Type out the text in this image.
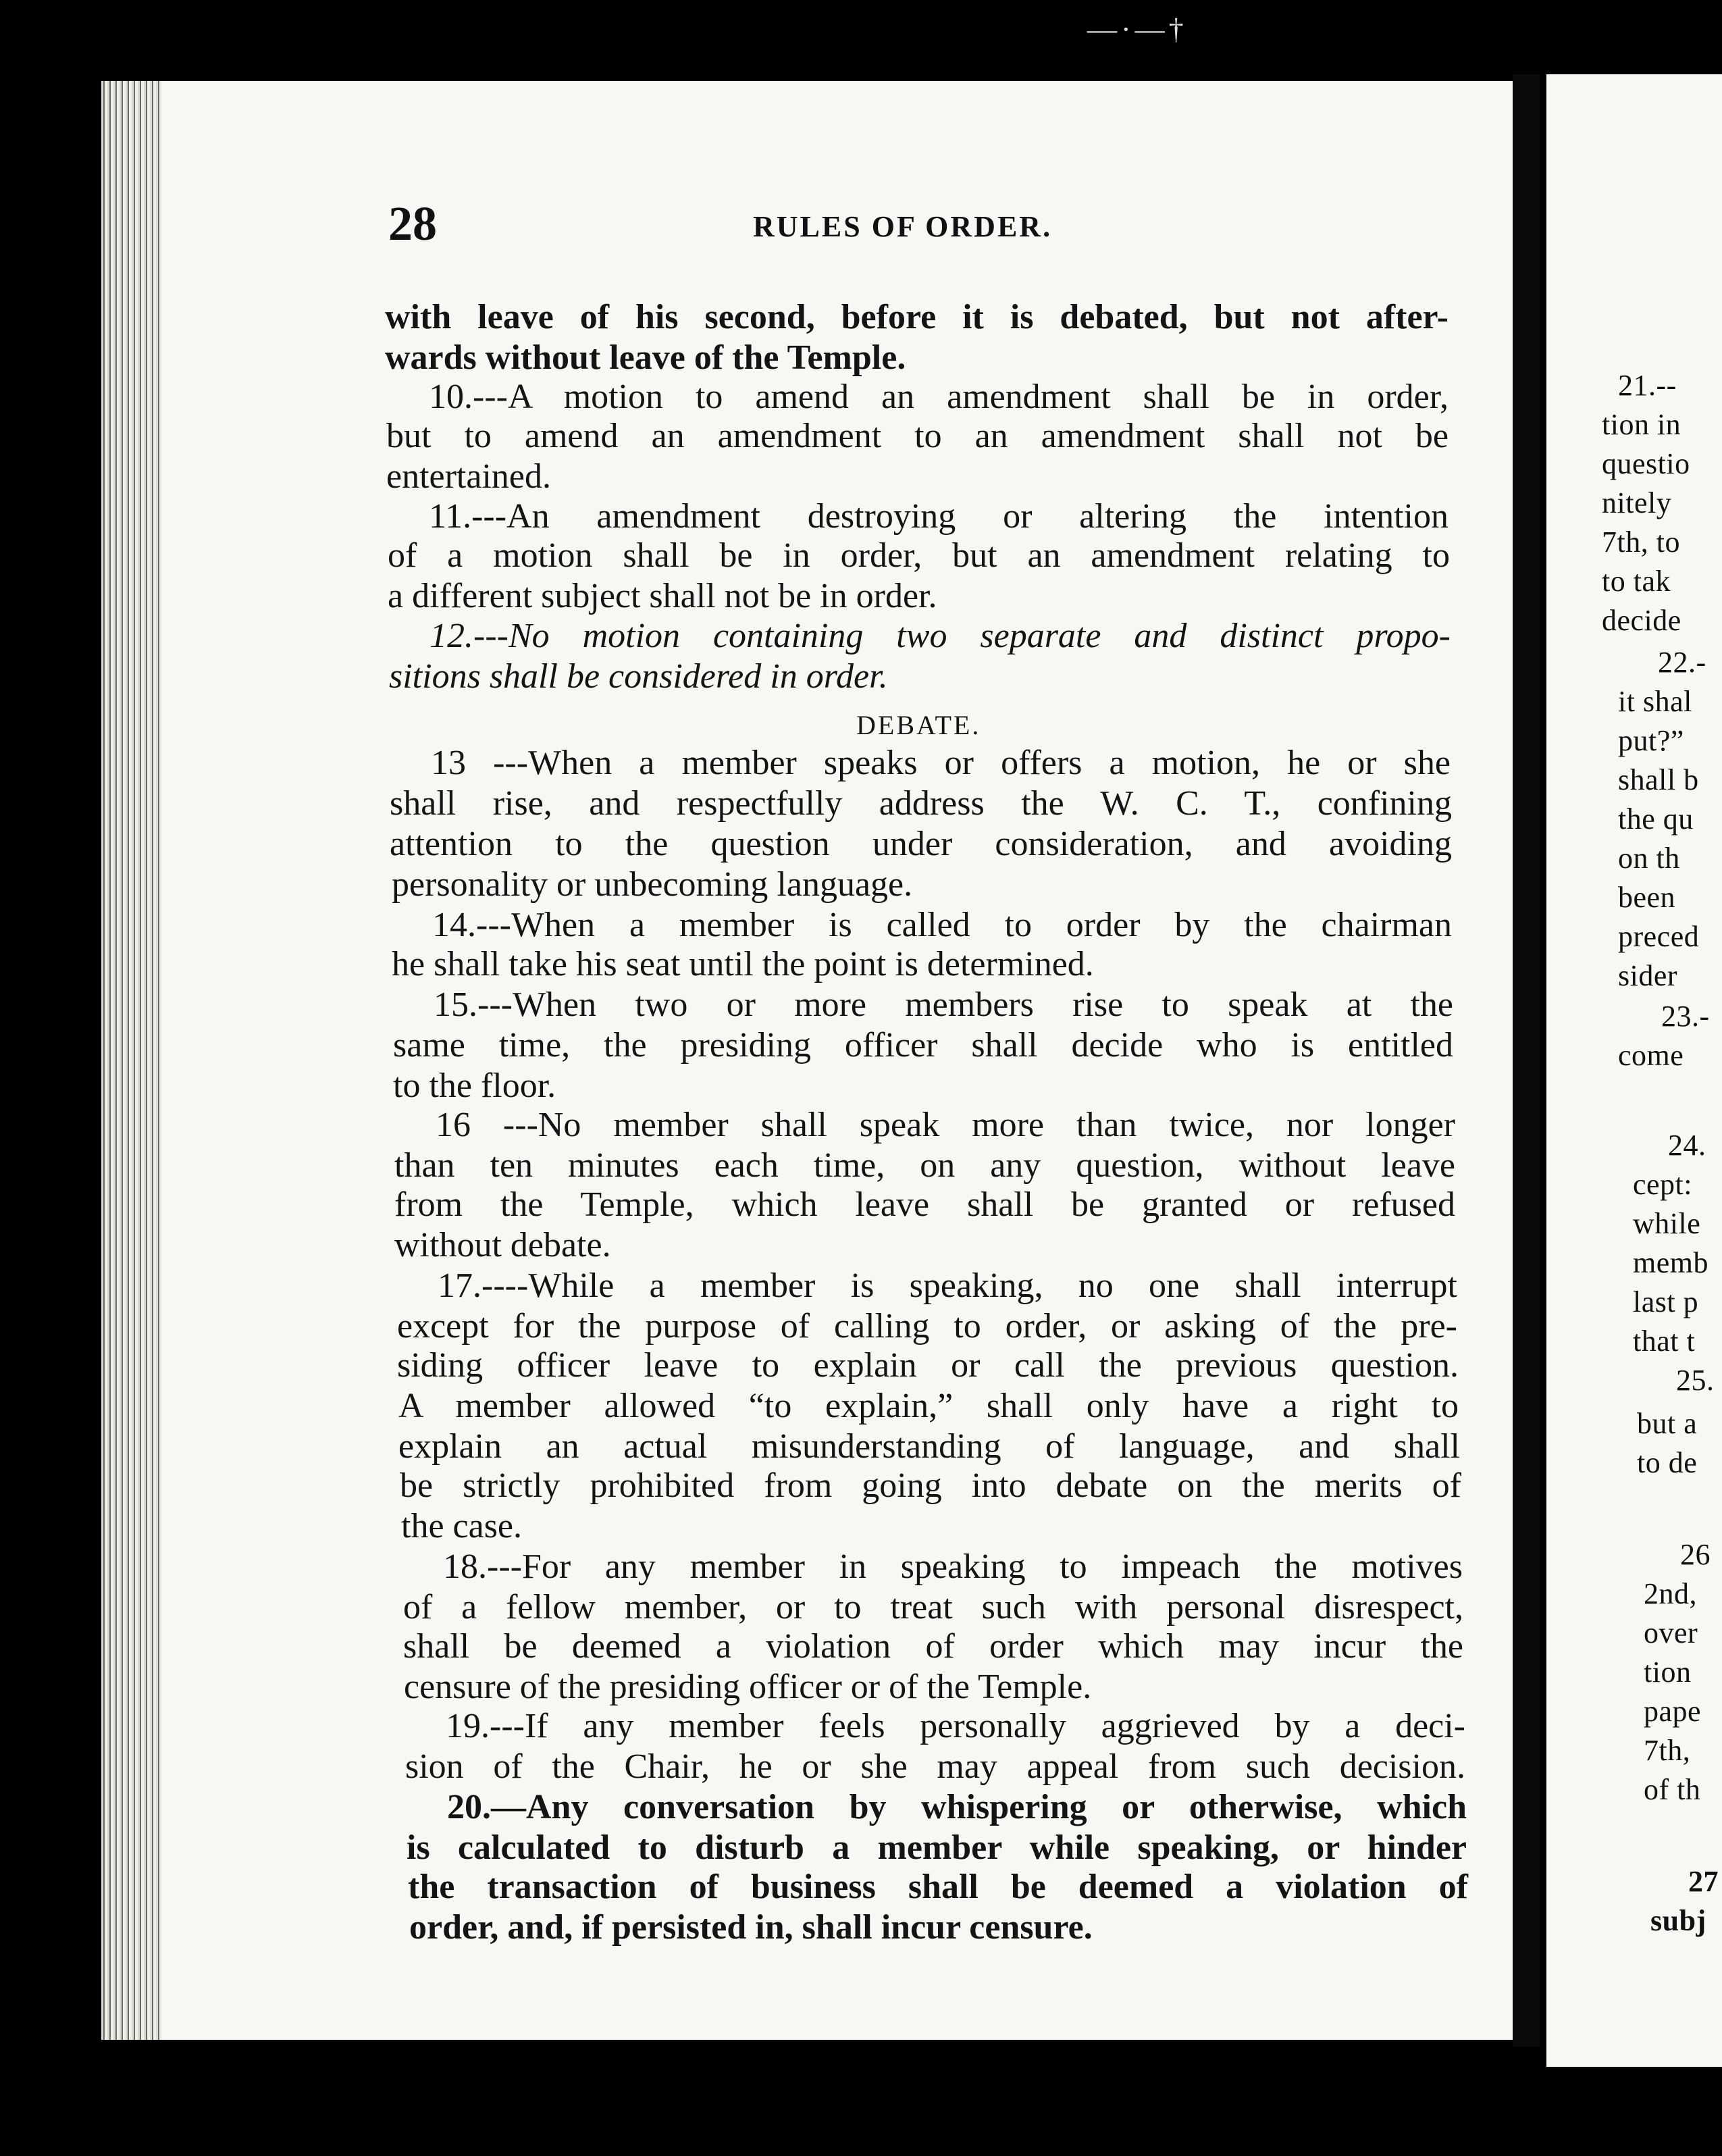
—·—†
28	RULES OF ORDER.
with leave of his second, before it is debated, but not after-
wards without leave of the Temple.
10.---A motion to amend an amendment shall be in order,
but to amend an amendment to an amendment shall not be
entertained.
11.---An amendment destroying or altering the intention
of a motion shall be in order, but an amendment relating to
a different subject shall not be in order.
12.---No motion containing two separate and distinct propo-
sitions shall be considered in order.
DEBATE.
13 ---When a member speaks or offers a motion, he or she
shall rise, and respectfully address the W. C. T., confining
attention to the question under consideration, and avoiding
personality or unbecoming language.
14.---When a member is called to order by the chairman
he shall take his seat until the point is determined.
15.---When two or more members rise to speak at the
same time, the presiding officer shall decide who is entitled
to the floor.
16 ---No member shall speak more than twice, nor longer
than ten minutes each time, on any question, without leave
from the Temple, which leave shall be granted or refused
without debate.
17.----While a member is speaking, no one shall interrupt
except for the purpose of calling to order, or asking of the pre-
siding officer leave to explain or call the previous question.
A member allowed “to explain,” shall only have a right to
explain an actual misunderstanding of language, and shall
be strictly prohibited from going into debate on the merits of
the case.
18.---For any member in speaking to impeach the motives
of a fellow member, or to treat such with personal disrespect,
shall be deemed a violation of order which may incur the
censure of the presiding officer or of the Temple.
19.---If any member feels personally aggrieved by a deci-
sion of the Chair, he or she may appeal from such decision.
20.—Any conversation by whispering or otherwise, which
is calculated to disturb a member while speaking, or hinder
the transaction of business shall be deemed a violation of
order, and, if persisted in, shall incur censure.
21.--
tion in
questio
nitely
7th, to
to tak
decide
22.-
it shal
put?”
shall b
the qu
on th
been
preced
sider
23.-
come
24.
cept:
while
memb
last p
that t
25.
but a
to de
26
2nd,
over
tion
pape
7th,
of th
27
subj
